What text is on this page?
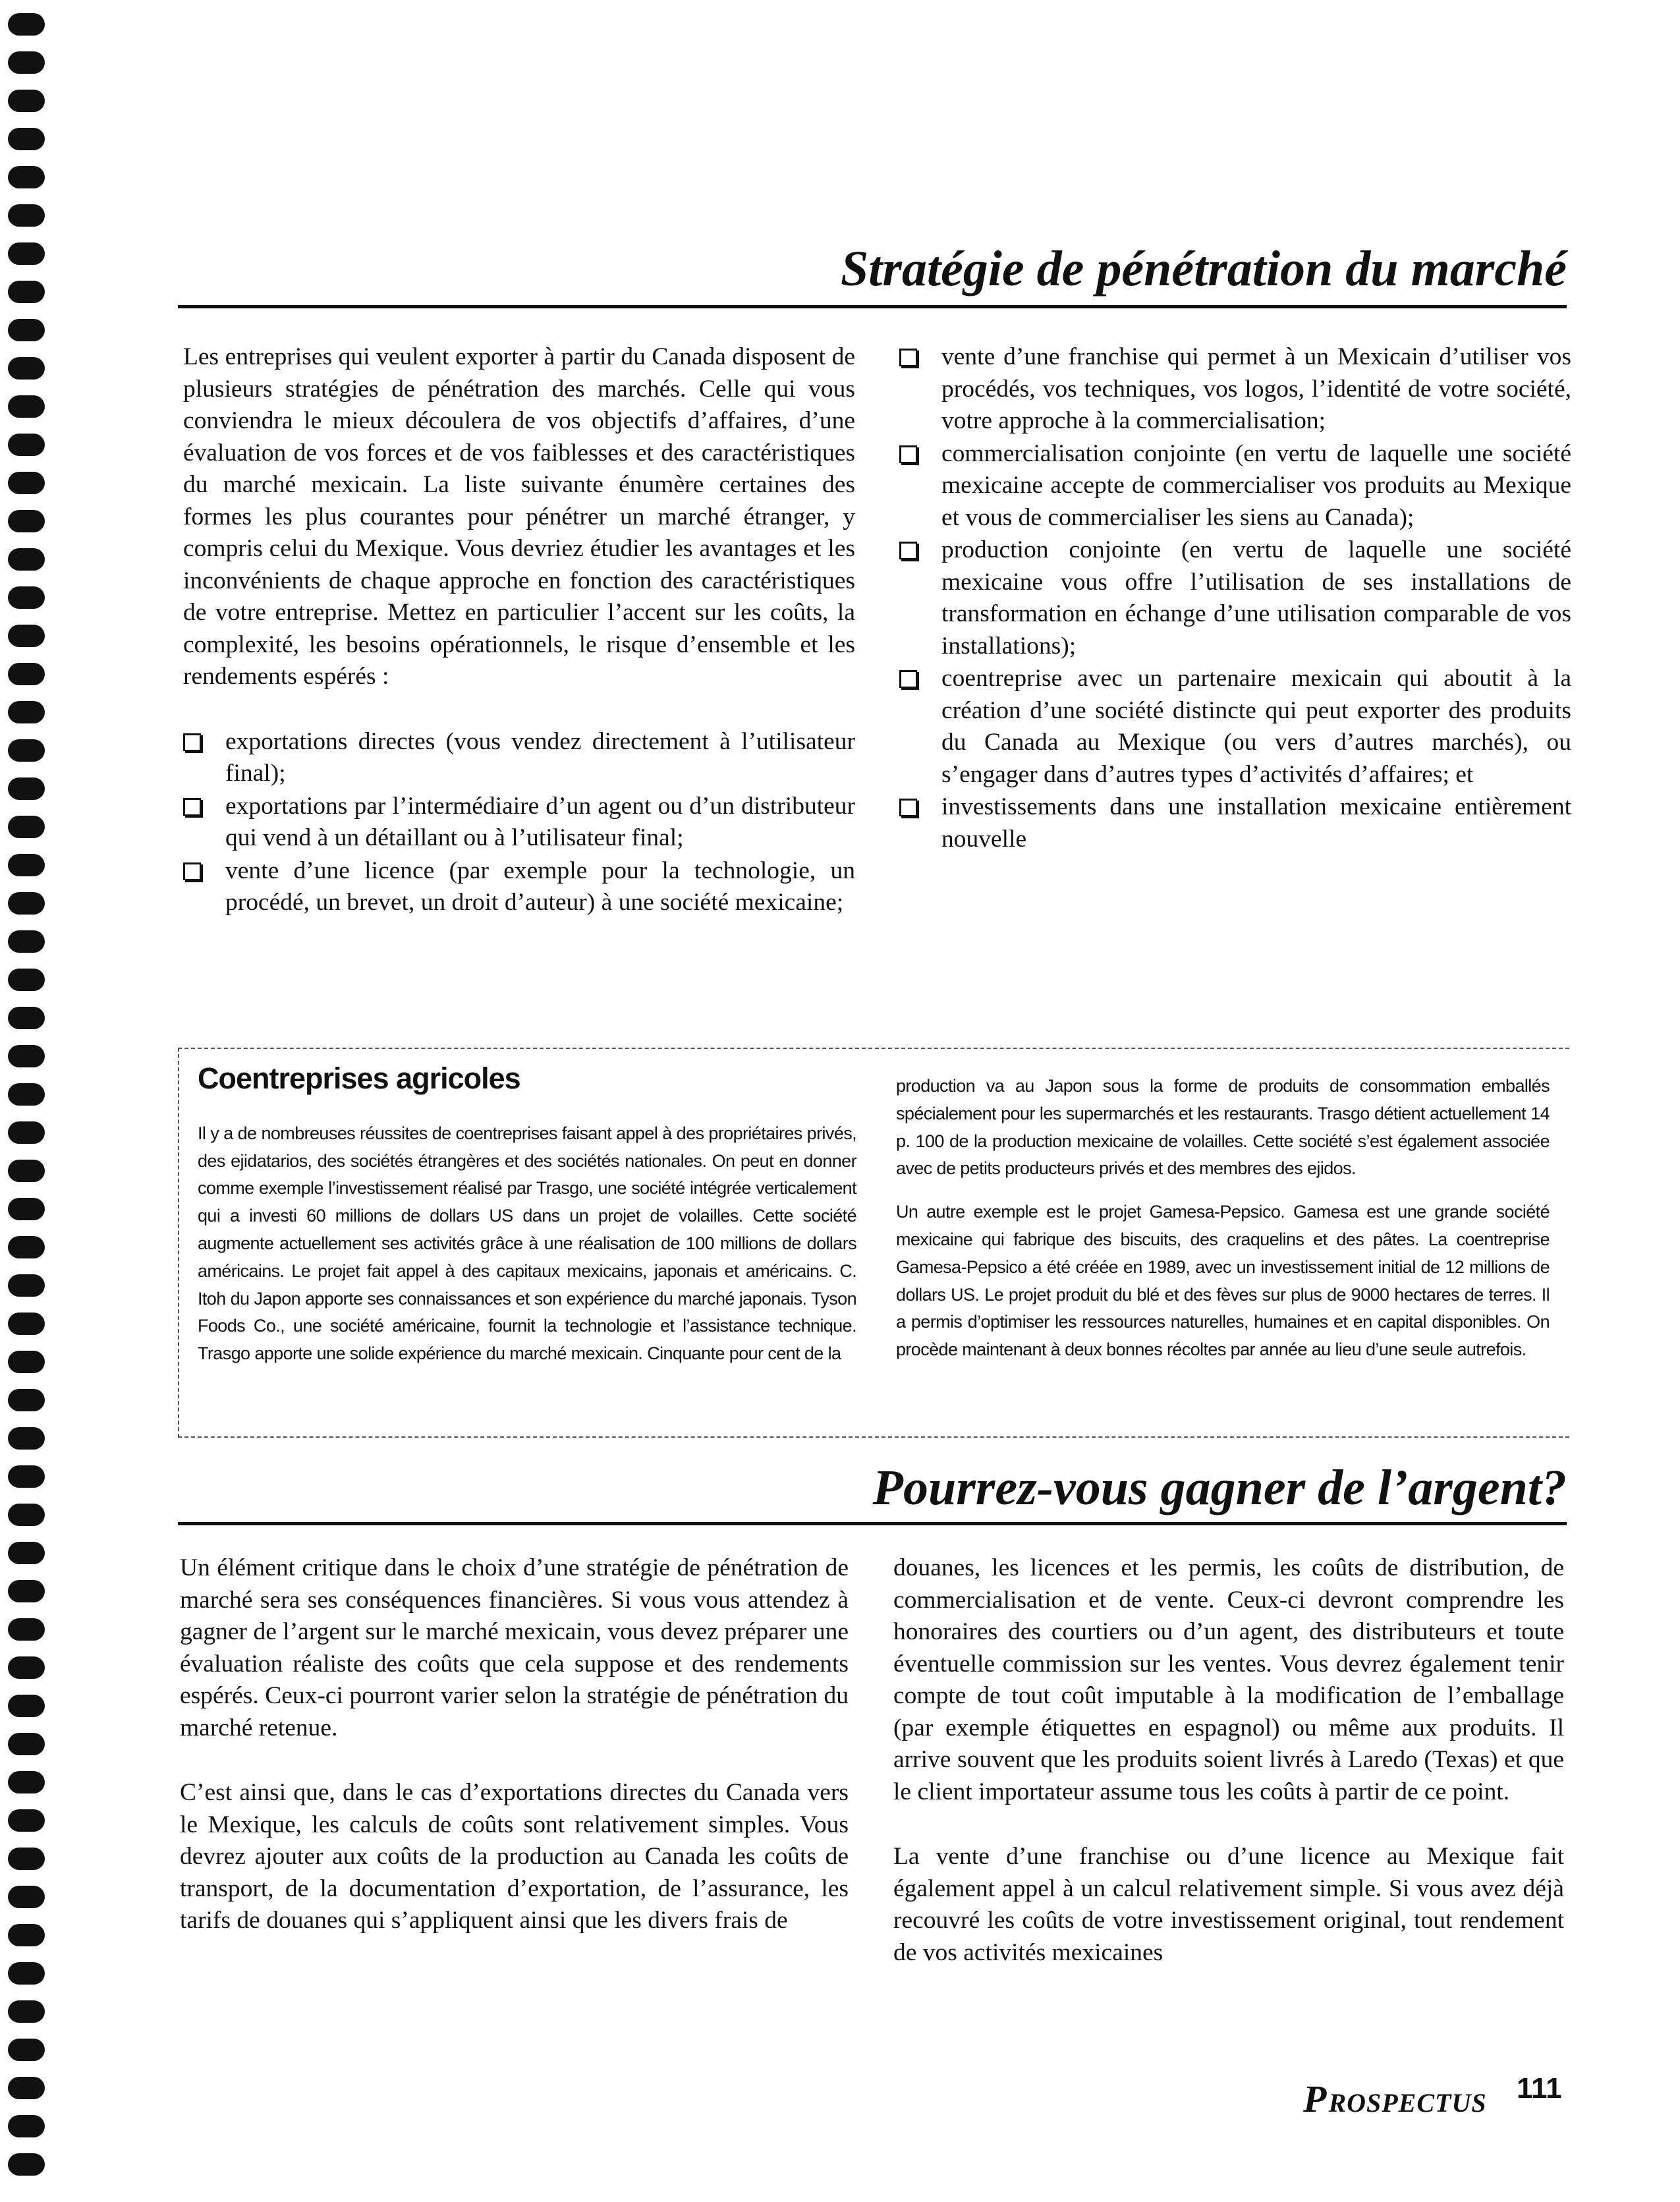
Stratégie de pénétration du marché

Les entreprises qui veulent exporter à partir du Canada disposent de plusieurs stratégies de pénétration des marchés. Celle qui vous conviendra le mieux découlera de vos objectifs d’affaires, d’une évaluation de vos forces et de vos faiblesses et des caractéristiques du marché mexicain. La liste suivante énumère certaines des formes les plus courantes pour pénétrer un marché étranger, y compris celui du Mexique. Vous devriez étudier les avantages et les inconvénients de chaque approche en fonction des caractéristiques de votre entreprise. Mettez en particulier l’accent sur les coûts, la complexité, les besoins opérationnels, le risque d’ensemble et les rendements espérés :

exportations directes (vous vendez directement à l’utilisateur final);
exportations par l’intermédiaire d’un agent ou d’un distributeur qui vend à un détaillant ou à l’utilisateur final;
vente d’une licence (par exemple pour la technologie, un procédé, un brevet, un droit d’auteur) à une société mexicaine;
vente d’une franchise qui permet à un Mexicain d’utiliser vos procédés, vos techniques, vos logos, l’identité de votre société, votre approche à la commercialisation;
commercialisation conjointe (en vertu de laquelle une société mexicaine accepte de commercialiser vos produits au Mexique et vous de commercialiser les siens au Canada);
production conjointe (en vertu de laquelle une société mexicaine vous offre l’utilisation de ses installations de transformation en échange d’une utilisation comparable de vos installations);
coentreprise avec un partenaire mexicain qui aboutit à la création d’une société distincte qui peut exporter des produits du Canada au Mexique (ou vers d’autres marchés), ou s’engager dans d’autres types d’activités d’affaires; et
investissements dans une installation mexicaine entièrement nouvelle
Coentreprises agricoles

Il y a de nombreuses réussites de coentreprises faisant appel à des propriétaires privés, des ejidatarios, des sociétés étrangères et des sociétés nationales. On peut en donner comme exemple l’investissement réalisé par Trasgo, une société intégrée verticalement qui a investi 60 millions de dollars US dans un projet de volailles. Cette société augmente actuellement ses activités grâce à une réalisation de 100 millions de dollars américains. Le projet fait appel à des capitaux mexicains, japonais et américains. C. Itoh du Japon apporte ses connaissances et son expérience du marché japonais. Tyson Foods Co., une société américaine, fournit la technologie et l’assistance technique. Trasgo apporte une solide expérience du marché mexicain. Cinquante pour cent de la

production va au Japon sous la forme de produits de consommation emballés spécialement pour les supermarchés et les restaurants. Trasgo détient actuellement 14 p. 100 de la production mexicaine de volailles. Cette société s’est également associée avec de petits producteurs privés et des membres des ejidos.

Un autre exemple est le projet Gamesa-Pepsico. Gamesa est une grande société mexicaine qui fabrique des biscuits, des craquelins et des pâtes. La coentreprise Gamesa-Pepsico a été créée en 1989, avec un investissement initial de 12 millions de dollars US. Le projet produit du blé et des fèves sur plus de 9000 hectares de terres. Il a permis d’optimiser les ressources naturelles, humaines et en capital disponibles. On procède maintenant à deux bonnes récoltes par année au lieu d’une seule autrefois.

Pourrez-vous gagner de l’argent?

Un élément critique dans le choix d’une stratégie de pénétration de marché sera ses conséquences financières. Si vous vous attendez à gagner de l’argent sur le marché mexicain, vous devez préparer une évaluation réaliste des coûts que cela suppose et des rendements espérés. Ceux-ci pourront varier selon la stratégie de pénétration du marché retenue.

C’est ainsi que, dans le cas d’exportations directes du Canada vers le Mexique, les calculs de coûts sont relativement simples. Vous devrez ajouter aux coûts de la production au Canada les coûts de transport, de la documentation d’exportation, de l’assurance, les tarifs de douanes qui s’appliquent ainsi que les divers frais de

douanes, les licences et les permis, les coûts de distribution, de commercialisation et de vente. Ceux-ci devront comprendre les honoraires des courtiers ou d’un agent, des distributeurs et toute éventuelle commission sur les ventes. Vous devrez également tenir compte de tout coût imputable à la modification de l’emballage (par exemple étiquettes en espagnol) ou même aux produits. Il arrive souvent que les produits soient livrés à Laredo (Texas) et que le client importateur assume tous les coûts à partir de ce point.

La vente d’une franchise ou d’une licence au Mexique fait également appel à un calcul relativement simple. Si vous avez déjà recouvré les coûts de votre investissement original, tout rendement de vos activités mexicaines

PROSPECTUS 111
